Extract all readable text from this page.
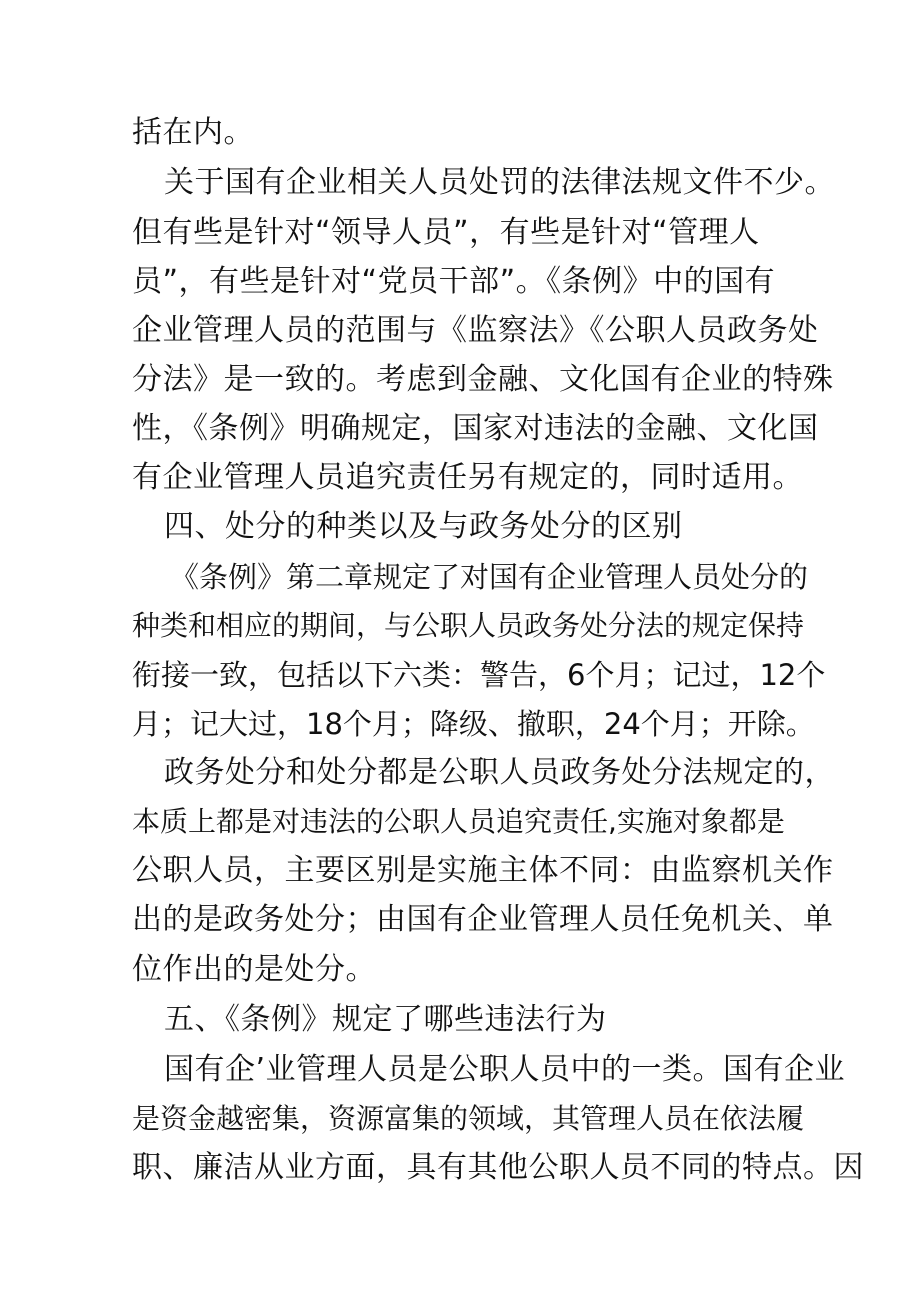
括在内。
关于国有企业相关人员处罚的法律法规文件不少。
但有些是针对“领导人员”，有些是针对“管理人
员”，有些是针对“党员干部”。《条例》中的国有
企业管理人员的范围与《监察法》《公职人员政务处
分法》是一致的。考虑到金融、文化国有企业的特殊
性，《条例》明确规定，国家对违法的金融、文化国
有企业管理人员追究责任另有规定的，同时适用。
四、处分的种类以及与政务处分的区别
《条例》第二章规定了对国有企业管理人员处分的
种类和相应的期间，与公职人员政务处分法的规定保持
衔接一致，包括以下六类：警告，6个月；记过，12个
月；记大过，18个月；降级、撤职，24个月；开除。
政务处分和处分都是公职人员政务处分法规定的，
本质上都是对违法的公职人员追究责任,实施对象都是
公职人员，主要区别是实施主体不同：由监察机关作
出的是政务处分；由国有企业管理人员任免机关、单
位作出的是处分。
五、《条例》规定了哪些违法行为
国有企’业管理人员是公职人员中的一类。国有企业
是资金越密集，资源富集的领域，其管理人员在依法履
职、廉洁从业方面，具有其他公职人员不同的特点。因
